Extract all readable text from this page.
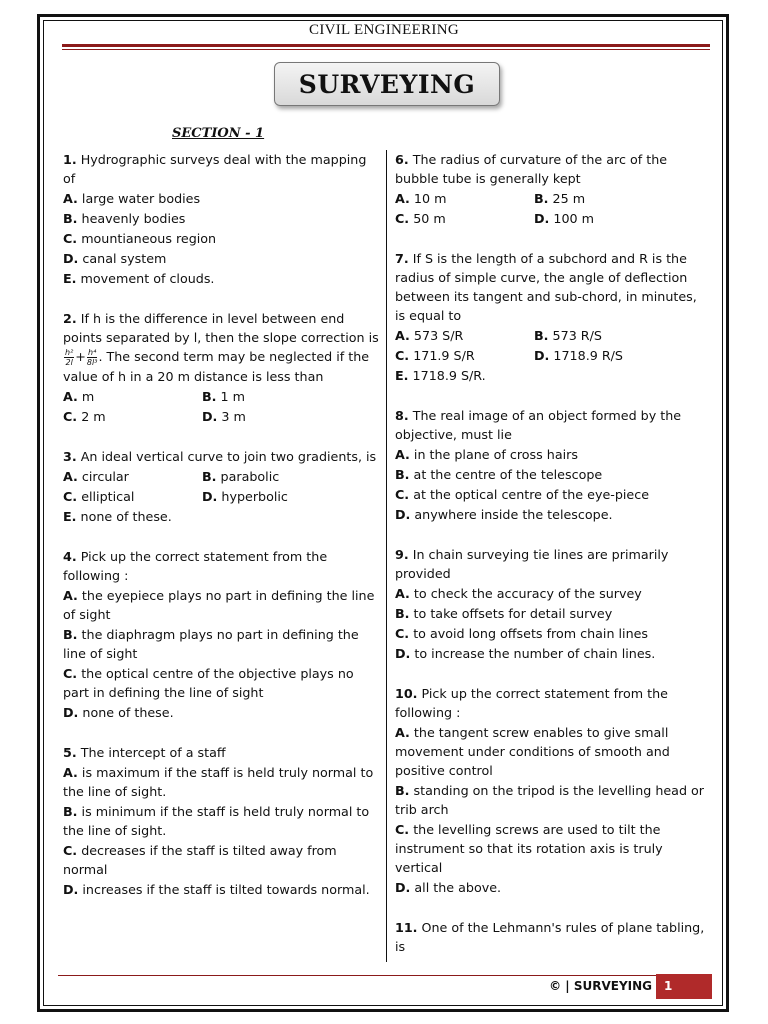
CIVIL ENGINEERING
SURVEYING
SECTION - 1

1. Hydrographic surveys deal with the mapping of

A. large water bodies
B. heavenly bodies
C. mountianeous region
D. canal system
E. movement of clouds.

2. If h is the difference in level between end points separated by l, then the slope correction is
$\frac{\text{h²}}{2l} + \frac{\text{h⁴}}{\text{8l³}}$ . The second term may be neglected if the value of h in a 20 m distance is less than

A. m	B. 1 m
C. 2 m	D. 3 m

3. An ideal vertical curve to join two gradients, is

A. circular	B. parabolic
C. elliptical	D. hyperbolic
E. none of these.

4. Pick up the correct statement from the following :

A. the eyepiece plays no part in defining the line of sight
B. the diaphragm plays no part in defining the line of sight
C. the optical centre of the objective plays no part in defining the line of sight
D. none of these.

5. The intercept of a staff

A. is maximum if the staff is held truly normal to the line of sight.
B. is minimum if the staff is held truly normal to the line of sight.
C. decreases if the staff is tilted away from normal
D. increases if the staff is tilted towards normal.

6. The radius of curvature of the arc of the bubble tube is generally kept

A. 10 m	B. 25 m
C. 50 m	D. 100 m

7. If S is the length of a subchord and R is the radius of simple curve, the angle of deflection between its tangent and sub-chord, in minutes, is equal to

A. 573 S/R	B. 573 R/S
C. 171.9 S/R	D. 1718.9 R/S
E. 1718.9 S/R.

8. The real image of an object formed by the objective, must lie

A. in the plane of cross hairs
B. at the centre of the telescope
C. at the optical centre of the eye-piece
D. anywhere inside the telescope.

9. In chain surveying tie lines are primarily provided

A. to check the accuracy of the survey
B. to take offsets for detail survey
C. to avoid long offsets from chain lines
D. to increase the number of chain lines.

10. Pick up the correct statement from the following :

A. the tangent screw enables to give small movement under conditions of smooth and positive control
B. standing on the tripod is the levelling head or trib arch
C. the levelling screws are used to tilt the instrument so that its rotation axis is truly vertical
D. all the above.

11. One of the Lehmann's rules of plane tabling, is

© | SURVEYING	1
